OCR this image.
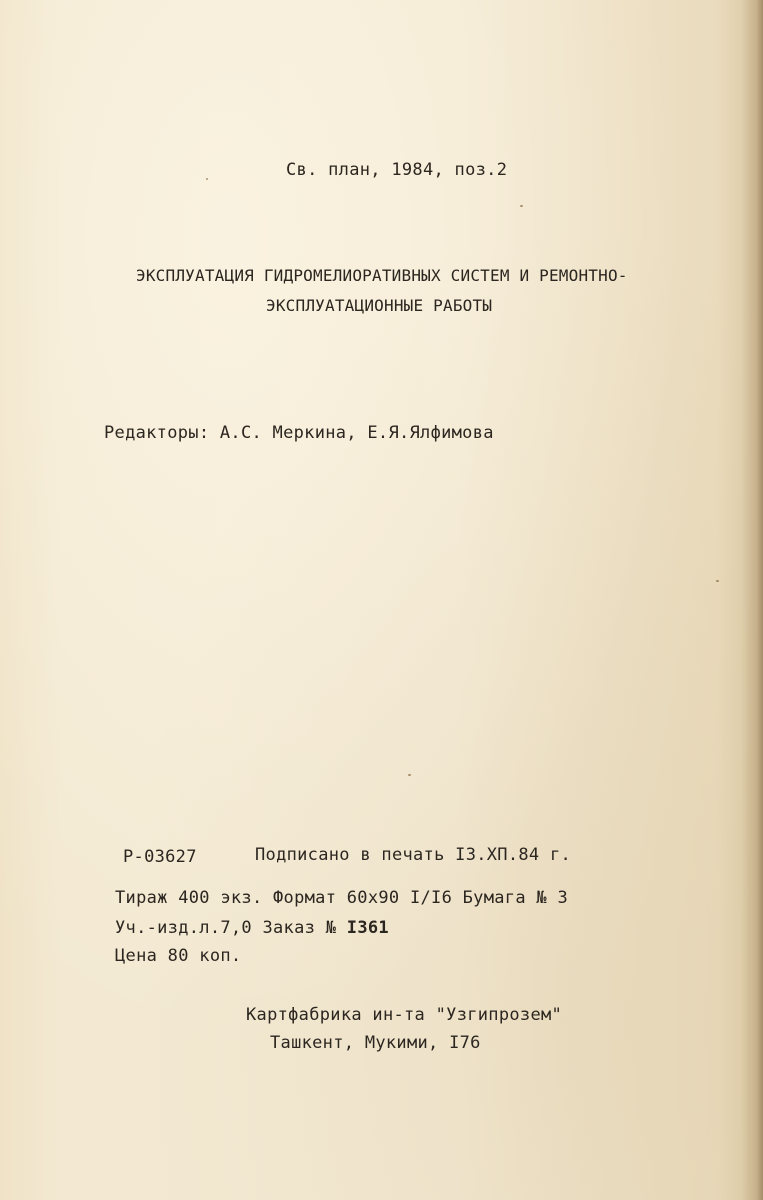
Св. план, 1984, поз.2
ЭКСПЛУАТАЦИЯ ГИДРОМЕЛИОРАТИВНЫХ СИСТЕМ И РЕМОНТНО-
ЭКСПЛУАТАЦИОННЫЕ РАБОТЫ
Редакторы: А.С. Меркина, Е.Я.Ялфимова
Р-03627	Подписано в печать I3.XП.84 г.
Тираж 400 экз. Формат 60х90 I/I6 Бумага № 3
Уч.-изд.л.7,0 Заказ № I361
Цена 80 коп.
Картфабрика ин-та "Узгипрозем"
Ташкент, Мукими, I76
